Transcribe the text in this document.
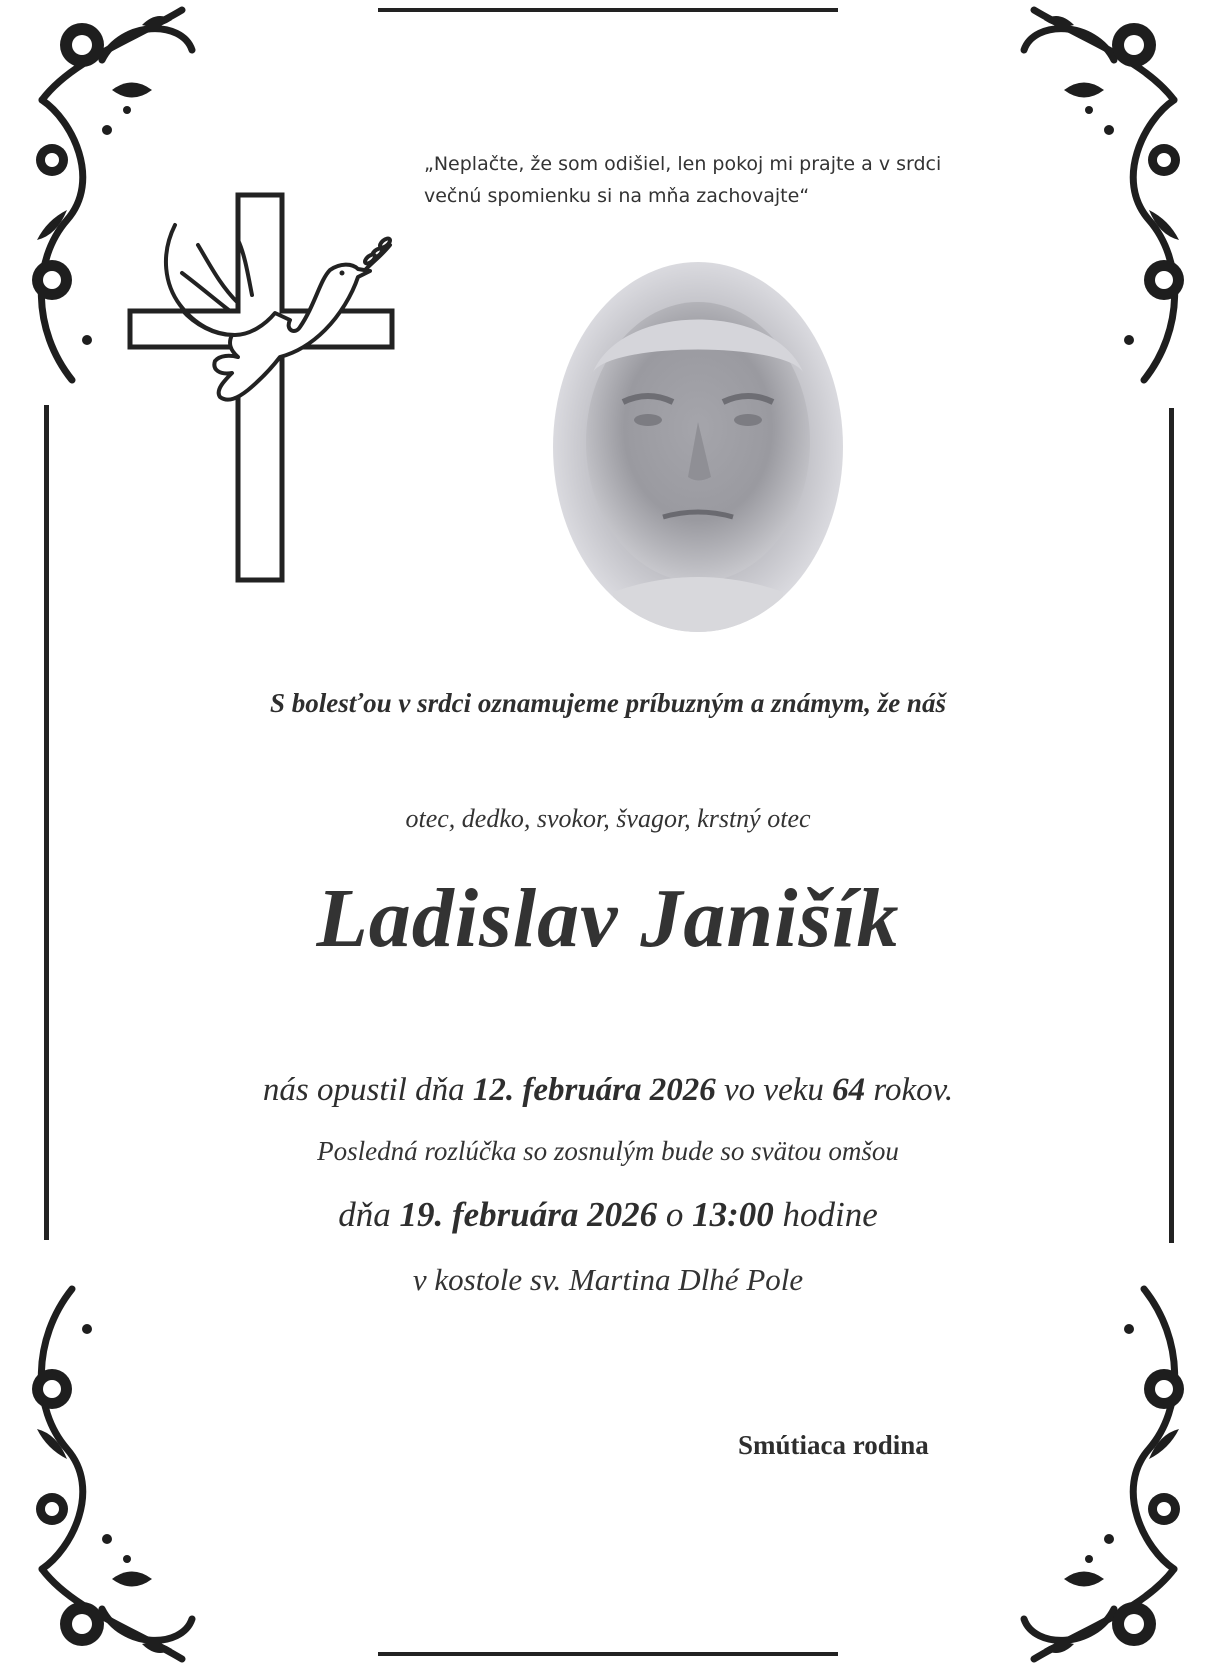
„Neplačte, že som odišiel, len pokoj mi prajte a v srdci
večnú spomienku si na mňa zachovajte“
S bolesťou v srdci oznamujeme príbuzným a známym, že náš
otec, dedko, svokor, švagor, krstný otec
Ladislav Janišík
nás opustil dňa 12. februára 2026 vo veku 64 rokov.
Posledná rozlúčka so zosnulým bude so svätou omšou
dňa 19. februára 2026 o 13:00 hodine
v kostole sv. Martina Dlhé Pole
Smútiaca rodina
